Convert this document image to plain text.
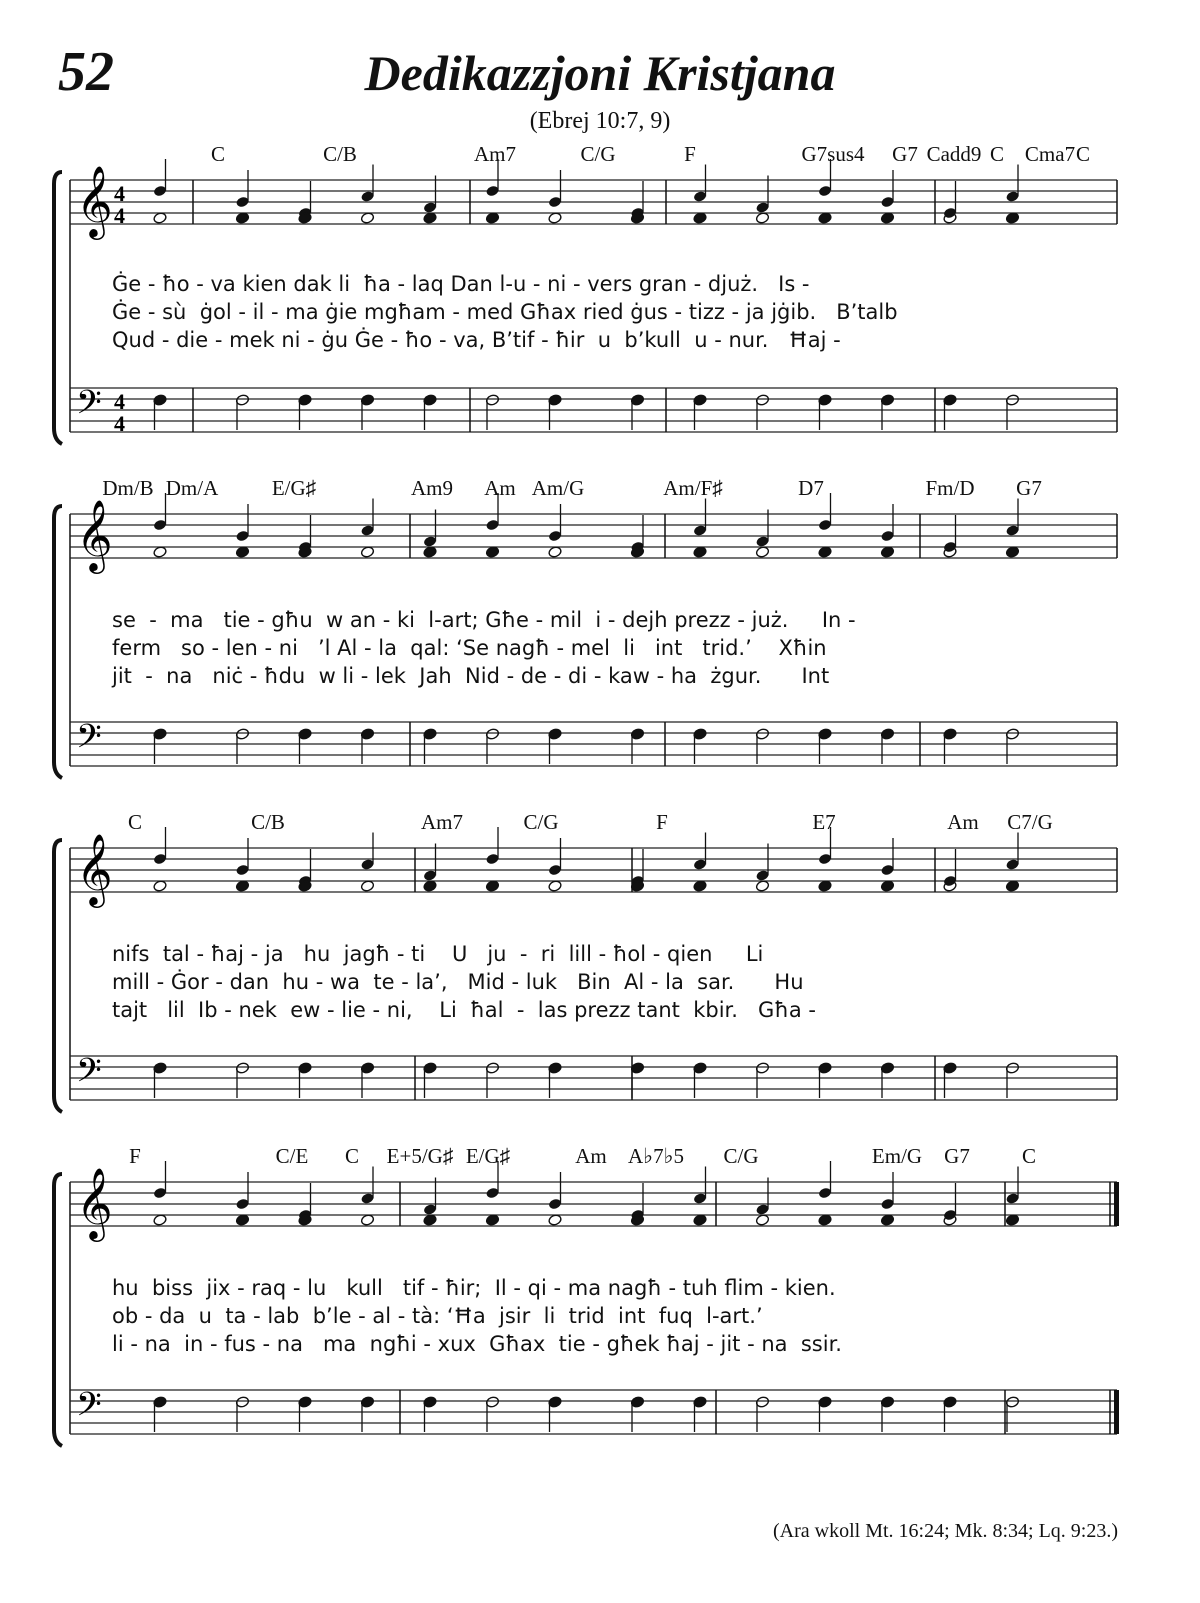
52	Dedikazzjoni Kristjana
(Ebrej 10:7, 9)
𝄞
𝄢
4
4
4
4
𝄞
𝄢
𝄞
𝄢
𝄞
𝄢
C	C/B	Am7	C/G	F	G7sus4 G7 Cadd9 C Cma7 C
Ġe - ħo - va kien dak li  ħa - laq Dan l-u - ni - vers gran - djuż.   Is -
Ġe - sù  ġol - il - ma ġie mgħam - med Għax ried ġus - tizz - ja jġib.   B’talb
Qud - die - mek ni - ġu Ġe - ħo - va, B’tif - ħir  u  b’kull  u - nur.   Ħaj -
Dm/B Dm/A	E/G♯	Am9 Am Am/G	Am/F♯	D7	Fm/D G7
se  -  ma   tie - għu  w an - ki  l-art; Għe - mil  i - dejh prezz - już.     In -
ferm   so - len - ni   ’l Al - la  qal: ‘Se nagħ - mel  li   int   trid.’    Xħin
jit  -  na   niċ - ħdu  w li - lek  Jah  Nid - de - di - kaw - ha  żgur.      Int
C	C/B	Am7	C/G	F	E7	Am C7/G
nifs  tal - ħaj - ja   hu  jagħ - ti    U   ju  -  ri  lill - ħol - qien     Li
mill - Ġor - dan  hu - wa  te - la’,   Mid - luk   Bin  Al - la  sar.      Hu
tajt   lil  Ib - nek  ew - lie - ni,    Li  ħal  -  las prezz tant  kbir.   Għa -
F	C/E C E+5/G♯ E/G♯	Am A♭7♭5 C/G	Em/G G7 C
hu  biss  jix - raq - lu   kull   tif - ħir;  Il - qi - ma nagħ - tuh flim - kien.
ob - da  u  ta - lab  b’le - al - tà: ‘Ħa  jsir  li  trid  int  fuq  l-art.’
li - na  in - fus - na   ma  ngħi - xux  Għax  tie - għek ħaj - jit - na  ssir.
(Ara wkoll Mt. 16:24; Mk. 8:34; Lq. 9:23.)
